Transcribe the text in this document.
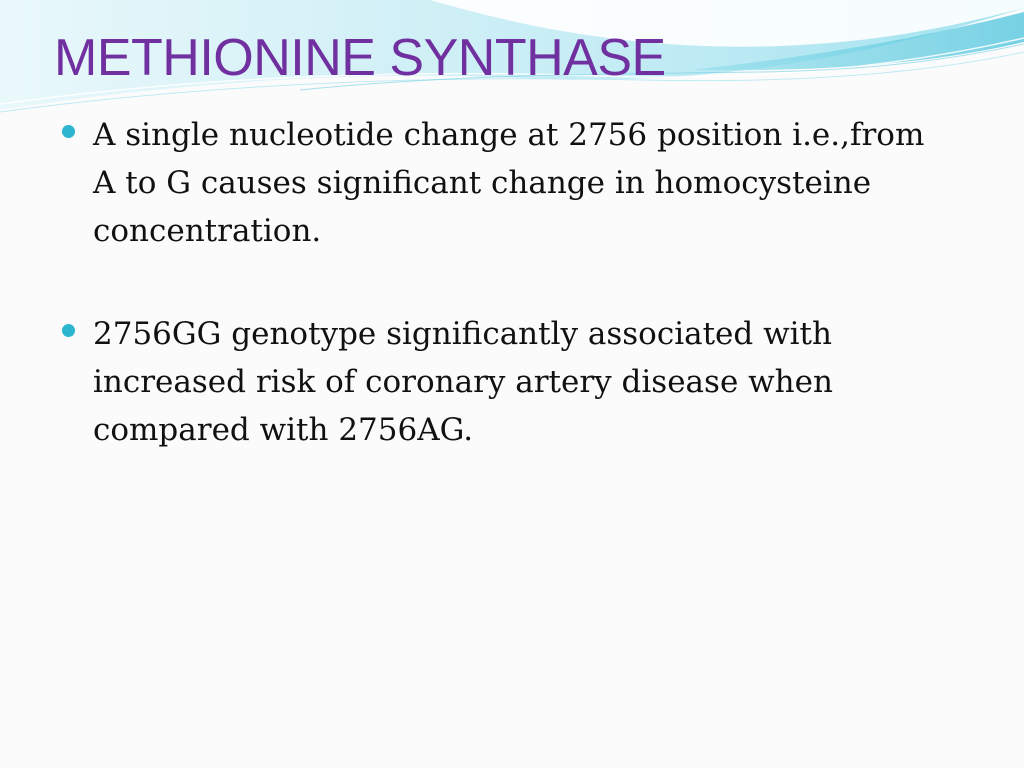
METHIONINE SYNTHASE
A single nucleotide change at 2756 position i.e.,from A to G causes significant change in homocysteine concentration.
2756GG genotype significantly associated with increased risk of coronary artery disease when compared with 2756AG.
